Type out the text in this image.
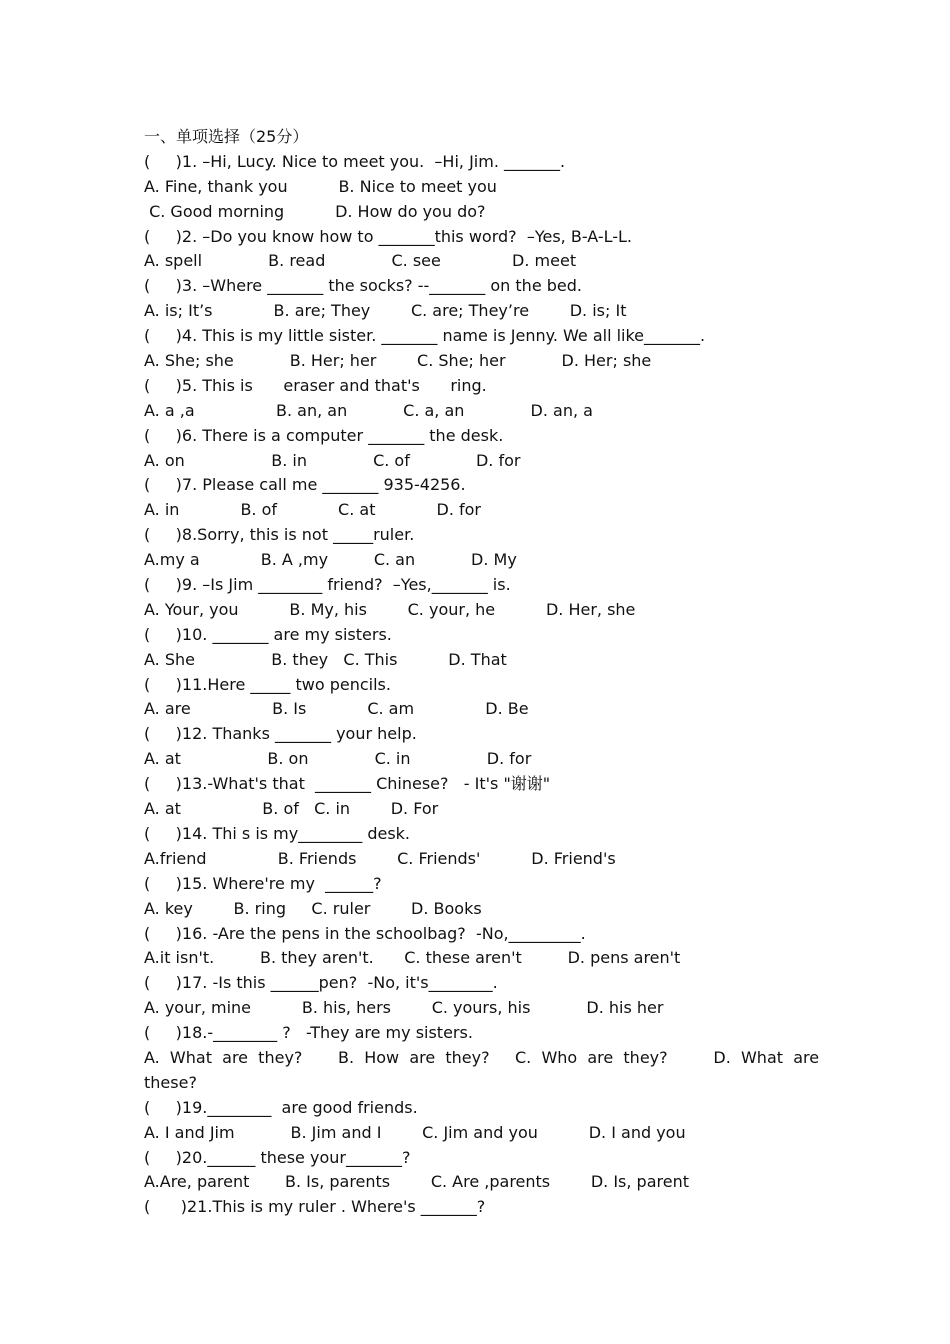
一、单项选择（25分）
(     )1. –Hi, Lucy. Nice to meet you.  –Hi, Jim. _______.
A. Fine, thank you          B. Nice to meet you
C. Good morning          D. How do you do?
(     )2. –Do you know how to _______this word?  –Yes, B-A-L-L.
A. spell             B. read             C. see              D. meet
(     )3. –Where _______ the socks? --_______ on the bed.
A. is; It’s            B. are; They        C. are; They’re        D. is; It
(     )4. This is my little sister. _______ name is Jenny. We all like_______.
A. She; she           B. Her; her        C. She; her           D. Her; she
(     )5. This is      eraser and that's      ring.
A. a ,a                B. an, an           C. a, an             D. an, a
(     )6. There is a computer _______ the desk.
A. on                 B. in             C. of             D. for
(     )7. Please call me _______ 935-4256.
A. in            B. of            C. at            D. for
(     )8.Sorry, this is not _____ruler.
A.my a            B. A ,my         C. an           D. My
(     )9. –Is Jim ________ friend?  –Yes,_______ is.
A. Your, you          B. My, his        C. your, he          D. Her, she
(     )10. _______ are my sisters.
A. She               B. they   C. This          D. That
(     )11.Here _____ two pencils.
A. are                B. Is            C. am              D. Be
(     )12. Thanks _______ your help.
A. at                 B. on             C. in               D. for
(     )13.-What's that  _______ Chinese?   - It's "谢谢"
A. at                B. of   C. in        D. For
(     )14. Thi s is my________ desk.
A.friend              B. Friends        C. Friends'          D. Friend's
(     )15. Where're my  ______?
A. key        B. ring     C. ruler        D. Books
(     )16. -Are the pens in the schoolbag?  -No,_________.
A.it isn't.         B. they aren't.      C. these aren't         D. pens aren't
(     )17. -Is this ______pen?  -No, it's________.
A. your, mine          B. his, hers        C. yours, his           D. his her
(     )18.-________ ?   -They are my sisters.
A.  What  are  they?       B.  How  are  they?     C.  Who  are  they?         D.  What  are
these?
(     )19.________  are good friends.
A. I and Jim           B. Jim and I        C. Jim and you          D. I and you
(     )20.______ these your_______?
A.Are, parent       B. Is, parents        C. Are ,parents        D. Is, parent
(      )21.This is my ruler . Where's _______?
